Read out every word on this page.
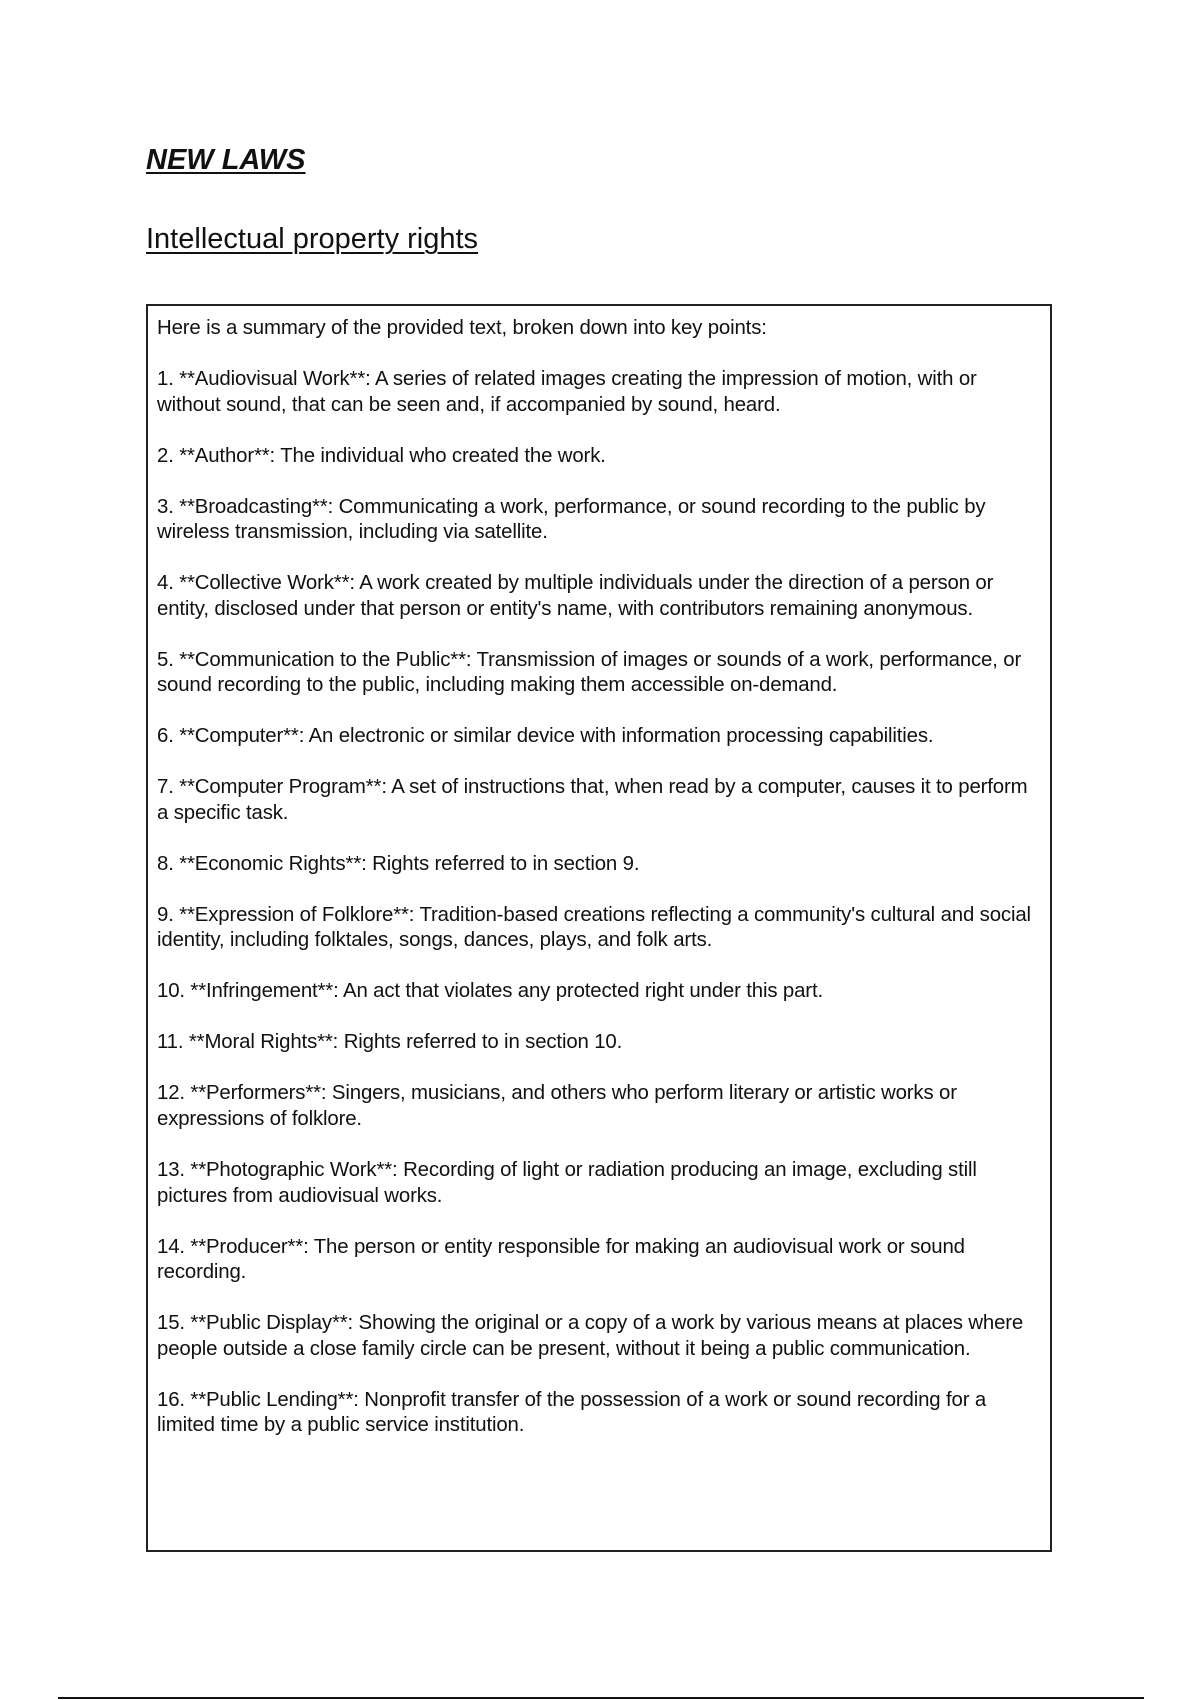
NEW LAWS
Intellectual property rights

Here is a summary of the provided text, broken down into key points:

1. **Audiovisual Work**: A series of related images creating the impression of motion, with or without sound, that can be seen and, if accompanied by sound, heard.

2. **Author**: The individual who created the work.

3. **Broadcasting**: Communicating a work, performance, or sound recording to the public by wireless transmission, including via satellite.

4. **Collective Work**: A work created by multiple individuals under the direction of a person or entity, disclosed under that person or entity's name, with contributors remaining anonymous.

5. **Communication to the Public**: Transmission of images or sounds of a work, performance, or sound recording to the public, including making them accessible on-demand.

6. **Computer**: An electronic or similar device with information processing capabilities.

7. **Computer Program**: A set of instructions that, when read by a computer, causes it to perform a specific task.

8. **Economic Rights**: Rights referred to in section 9.

9. **Expression of Folklore**: Tradition-based creations reflecting a community's cultural and social identity, including folktales, songs, dances, plays, and folk arts.

10. **Infringement**: An act that violates any protected right under this part.

11. **Moral Rights**: Rights referred to in section 10.

12. **Performers**: Singers, musicians, and others who perform literary or artistic works or expressions of folklore.

13. **Photographic Work**: Recording of light or radiation producing an image, excluding still pictures from audiovisual works.

14. **Producer**: The person or entity responsible for making an audiovisual work or sound recording.

15. **Public Display**: Showing the original or a copy of a work by various means at places where people outside a close family circle can be present, without it being a public communication.

16. **Public Lending**: Nonprofit transfer of the possession of a work or sound recording for a limited time by a public service institution.
